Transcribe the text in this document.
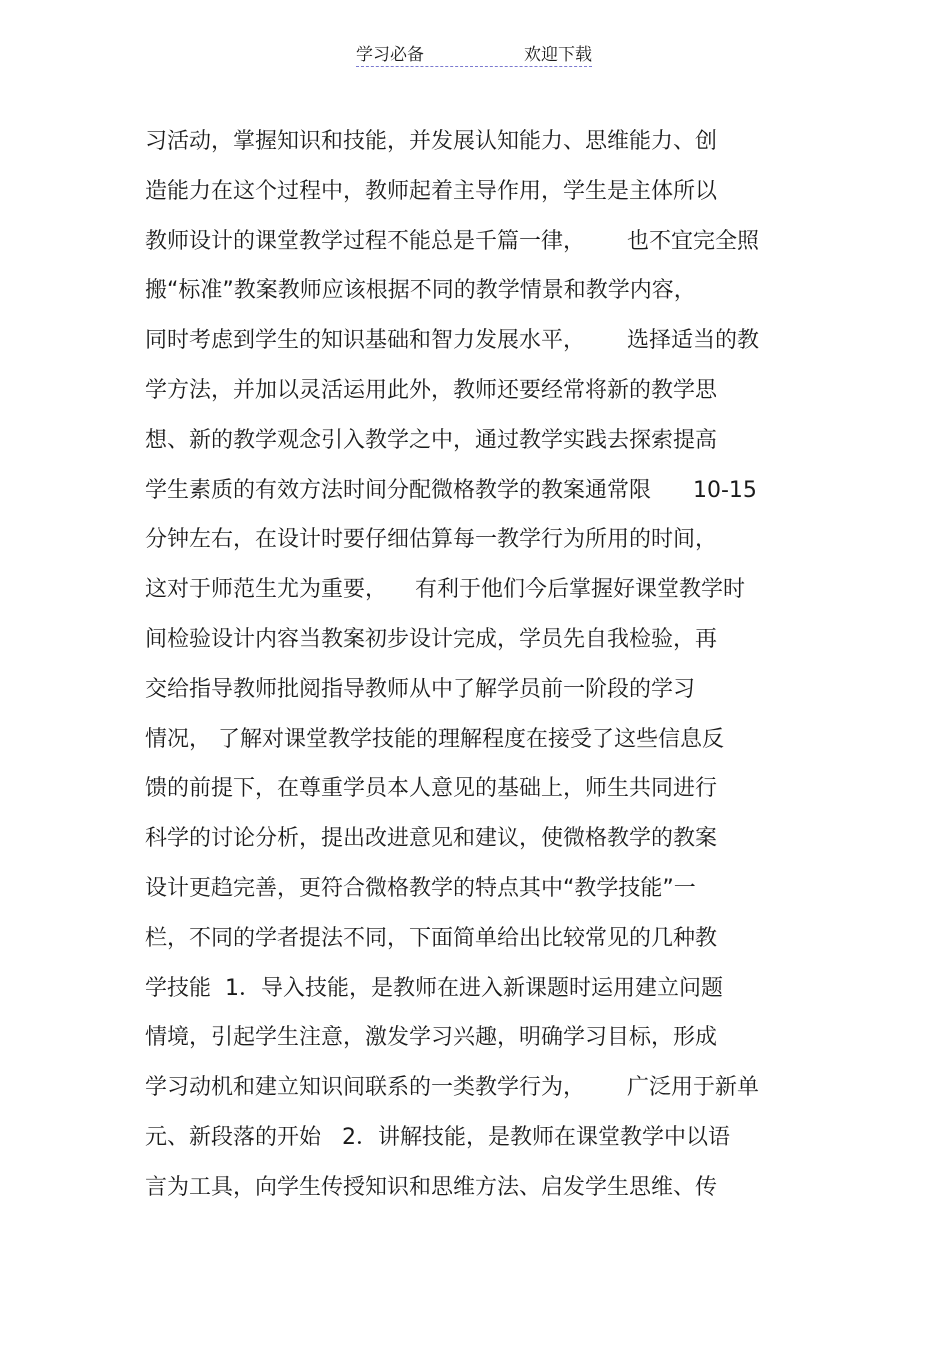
学习必备	欢迎下载
习活动，掌握知识和技能，并发展认知能力、思维能力、创
造能力在这个过程中，教师起着主导作用，学生是主体所以
教师设计的课堂教学过程不能总是千篇一律，      也不宜完全照
搬“标准”教案教师应该根据不同的教学情景和教学内容，
同时考虑到学生的知识基础和智力发展水平，      选择适当的教
学方法，并加以灵活运用此外，教师还要经常将新的教学思
想、新的教学观念引入教学之中，通过教学实践去探索提高
学生素质的有效方法时间分配微格教学的教案通常限      10-15
分钟左右，在设计时要仔细估算每一教学行为所用的时间，
这对于师范生尤为重要，    有利于他们今后掌握好课堂教学时
间检验设计内容当教案初步设计完成，学员先自我检验，再
交给指导教师批阅指导教师从中了解学员前一阶段的学习
情况， 了解对课堂教学技能的理解程度在接受了这些信息反
馈的前提下，在尊重学员本人意见的基础上，师生共同进行
科学的讨论分析，提出改进意见和建议，使微格教学的教案
设计更趋完善，更符合微格教学的特点其中“教学技能”一
栏，不同的学者提法不同，下面简单给出比较常见的几种教
学技能  1．导入技能，是教师在进入新课题时运用建立问题
情境，引起学生注意，激发学习兴趣，明确学习目标，形成
学习动机和建立知识间联系的一类教学行为，      广泛用于新单
元、新段落的开始   2．讲解技能，是教师在课堂教学中以语
言为工具，向学生传授知识和思维方法、启发学生思维、传
